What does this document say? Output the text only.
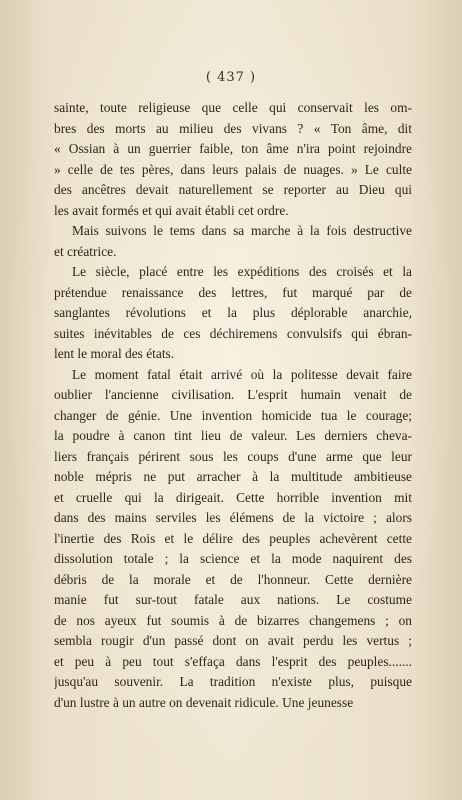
( 437 )
sainte, toute religieuse que celle qui conservait les om-
bres des morts au milieu des vivans ? « Ton âme, dit
« Ossian à un guerrier faible, ton âme n'ira point rejoindre
» celle de tes pères, dans leurs palais de nuages. » Le culte
des ancêtres devait naturellement se reporter au Dieu qui
les avait formés et qui avait établi cet ordre.
Mais suivons le tems dans sa marche à la fois destructive
et créatrice.
Le siècle, placé entre les expéditions des croisés et la
prétendue renaissance des lettres, fut marqué par de
sanglantes révolutions et la plus déplorable anarchie,
suites inévitables de ces déchiremens convulsifs qui ébran-
lent le moral des états.
Le moment fatal était arrivé où la politesse devait faire
oublier l'ancienne civilisation. L'esprit humain venait de
changer de génie. Une invention homicide tua le courage;
la poudre à canon tint lieu de valeur. Les derniers cheva-
liers français périrent sous les coups d'une arme que leur
noble mépris ne put arracher à la multitude ambitieuse
et cruelle qui la dirigeait. Cette horrible invention mit
dans des mains serviles les élémens de la victoire ; alors
l'inertie des Rois et le délire des peuples achevèrent cette
dissolution totale ; la science et la mode naquirent des
débris de la morale et de l'honneur. Cette dernière
manie fut sur-tout fatale aux nations. Le costume
de nos ayeux fut soumis à de bizarres changemens ; on
sembla rougir d'un passé dont on avait perdu les vertus ;
et peu à peu tout s'effaça dans l'esprit des peuples.......
jusqu'au souvenir. La tradition n'existe plus, puisque
d'un lustre à un autre on devenait ridicule. Une jeunesse
